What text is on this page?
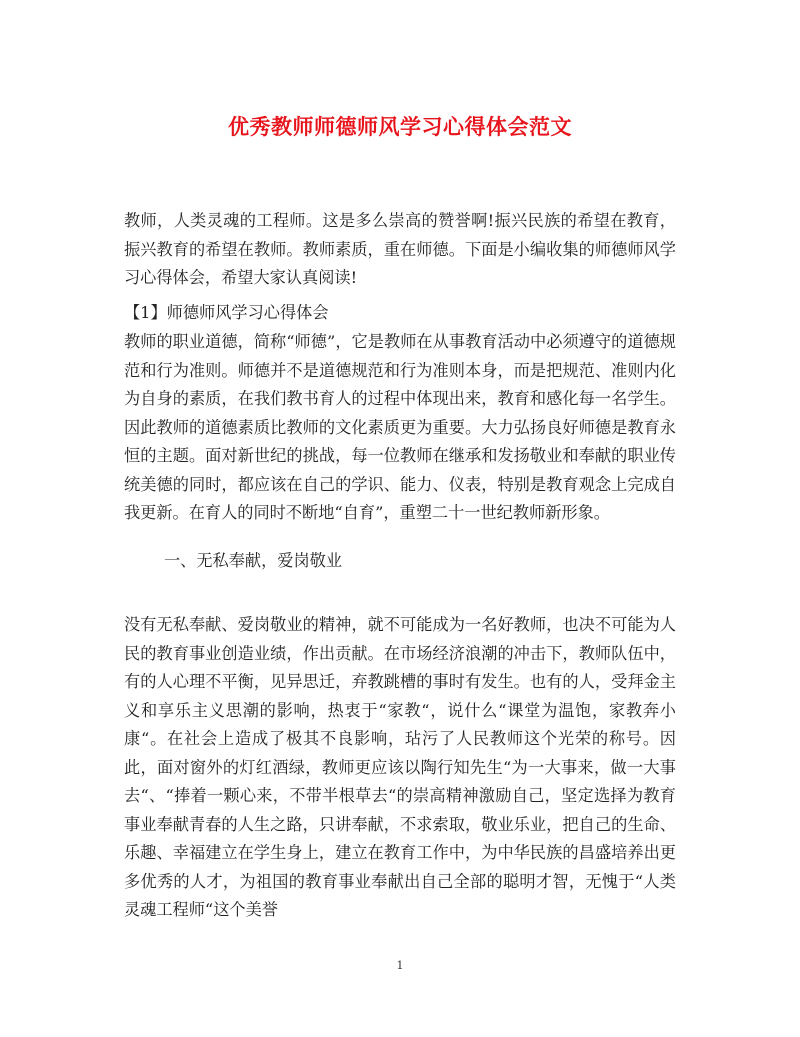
优秀教师师德师风学习心得体会范文

教师，人类灵魂的工程师。这是多么崇高的赞誉啊!振兴民族的希望在教育，振兴教育的希望在教师。教师素质，重在师德。下面是小编收集的师德师风学习心得体会，希望大家认真阅读!

【1】师德师风学习心得体会

教师的职业道德，简称“师德”，它是教师在从事教育活动中必须遵守的道德规范和行为准则。师德并不是道德规范和行为准则本身，而是把规范、准则内化为自身的素质，在我们教书育人的过程中体现出来，教育和感化每一名学生。因此教师的道德素质比教师的文化素质更为重要。大力弘扬良好师德是教育永恒的主题。面对新世纪的挑战，每一位教师在继承和发扬敬业和奉献的职业传统美德的同时，都应该在自己的学识、能力、仪表，特别是教育观念上完成自我更新。在育人的同时不断地“自育”，重塑二十一世纪教师新形象。

一、无私奉献，爱岗敬业

没有无私奉献、爱岗敬业的精神，就不可能成为一名好教师，也决不可能为人民的教育事业创造业绩，作出贡献。在市场经济浪潮的冲击下，教师队伍中，有的人心理不平衡，见异思迁，弃教跳槽的事时有发生。也有的人，受拜金主义和享乐主义思潮的影响，热衷于“家教“，说什么“课堂为温饱，家教奔小康“。在社会上造成了极其不良影响，玷污了人民教师这个光荣的称号。因此，面对窗外的灯红酒绿，教师更应该以陶行知先生“为一大事来，做一大事去“、“捧着一颗心来，不带半根草去“的崇高精神激励自己，坚定选择为教育事业奉献青春的人生之路，只讲奉献，不求索取，敬业乐业，把自己的生命、乐趣、幸福建立在学生身上，建立在教育工作中，为中华民族的昌盛培养出更多优秀的人才，为祖国的教育事业奉献出自己全部的聪明才智，无愧于“人类灵魂工程师“这个美誉

1
